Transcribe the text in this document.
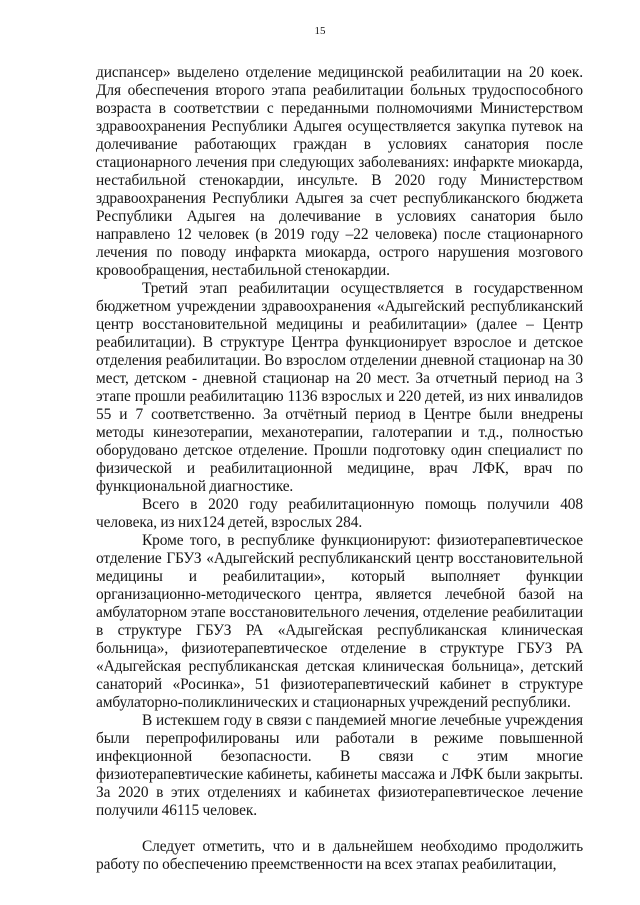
15

диспансер» выделено отделение медицинской реабилитации на 20 коек. Для обеспечения второго этапа реабилитации больных трудоспособного возраста в соответствии с переданными полномочиями Министерством здравоохранения Республики Адыгея осуществляется закупка путевок на долечивание работающих граждан в условиях санатория после стационарного лечения при следующих заболеваниях: инфаркте миокарда, нестабильной стенокардии, инсульте. В 2020 году Министерством здравоохранения Республики Адыгея за счет республиканского бюджета Республики Адыгея на долечивание в условиях санатория было направлено 12 человек (в 2019 году –22 человека) после стационарного лечения по поводу инфаркта миокарда, острого нарушения мозгового кровообращения, нестабильной стенокардии.

Третий этап реабилитации осуществляется в государственном бюджетном учреждении здравоохранения «Адыгейский республиканский центр восстановительной медицины и реабилитации» (далее – Центр реабилитации). В структуре Центра функционирует взрослое и детское отделения реабилитации. Во взрослом отделении дневной стационар на 30 мест, детском - дневной стационар на 20 мест. За отчетный период на 3 этапе прошли реабилитацию 1136 взрослых и 220 детей, из них инвалидов 55 и 7 соответственно. За отчётный период в Центре были внедрены методы кинезотерапии, механотерапии, галотерапии и т.д., полностью оборудовано детское отделение. Прошли подготовку один специалист по физической и реабилитационной медицине, врач ЛФК, врач по функциональной диагностике.

Всего в 2020 году реабилитационную помощь получили 408 человека, из них124 детей, взрослых 284.

Кроме того, в республике функционируют: физиотерапевтическое отделение ГБУЗ «Адыгейский республиканский центр восстановительной медицины и реабилитации», который выполняет функции организационно-методического центра, является лечебной базой на амбулаторном этапе восстановительного лечения, отделение реабилитации в структуре ГБУЗ РА «Адыгейская республиканская клиническая больница», физиотерапевтическое отделение в структуре ГБУЗ РА «Адыгейская республиканская детская клиническая больница», детский санаторий «Росинка», 51 физиотерапевтический кабинет в структуре амбулаторно-поликлинических и стационарных учреждений республики.

В истекшем году в связи с пандемией многие лечебные учреждения были перепрофилированы или работали в режиме повышенной инфекционной безопасности. В связи с этим многие физиотерапевтические кабинеты, кабинеты массажа и ЛФК были закрыты. За 2020 в этих отделениях и кабинетах физиотерапевтическое лечение получили 46115 человек.

Следует отметить, что и в дальнейшем необходимо продолжить работу по обеспечению преемственности на всех этапах реабилитации,
